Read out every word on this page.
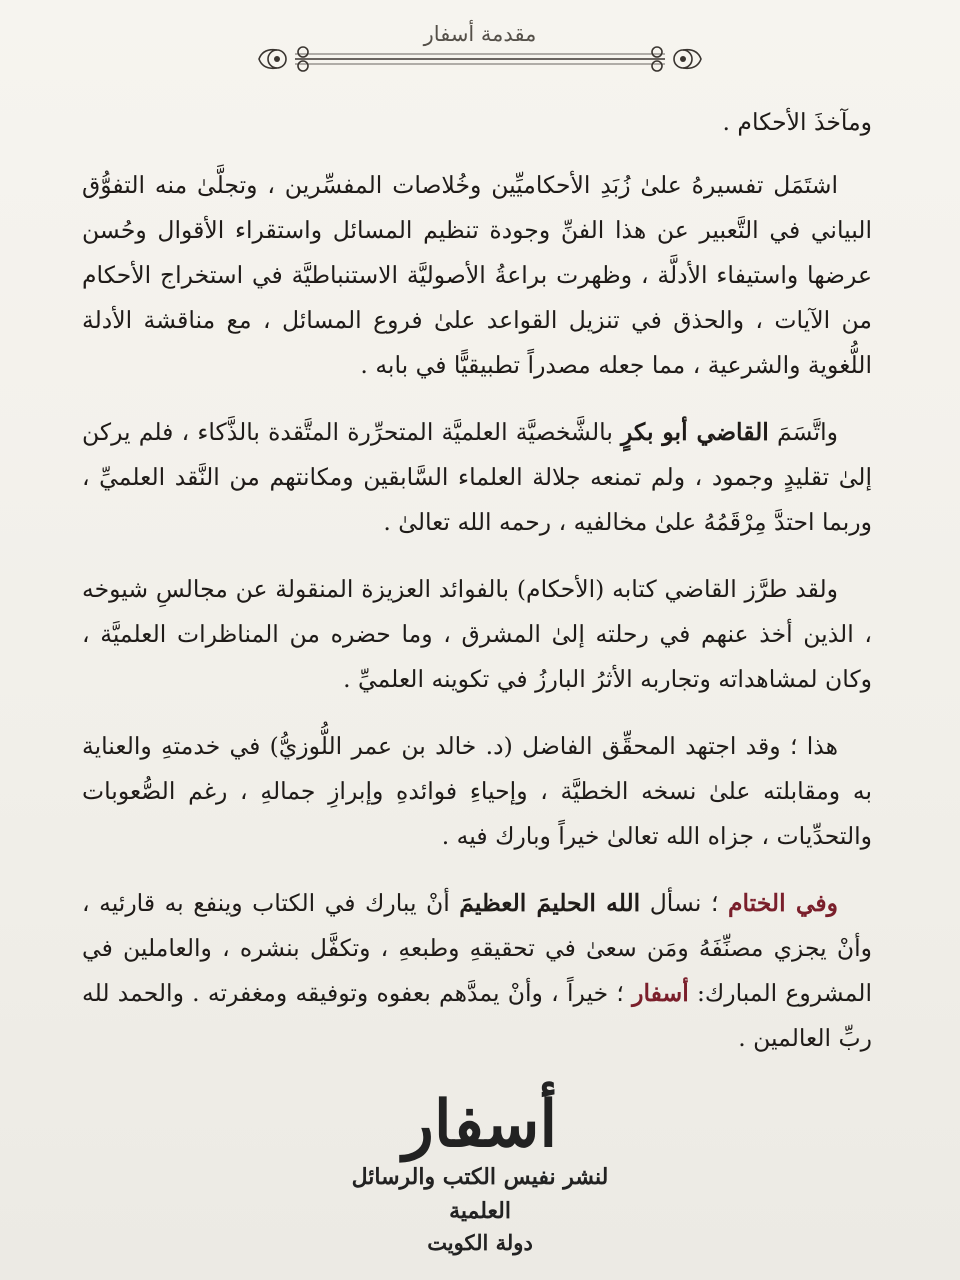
مقدمة أسفار

ومآخذَ الأحكام .

اشتَمَل تفسيرهُ علىٰ زُبَدِ الأحكاميِّين وخُلاصات المفسِّرين ، وتجلَّىٰ منه التفوُّق البياني في التَّعبير عن هذا الفنِّ وجودة تنظيم المسائل واستقراء الأقوال وحُسن عرضها واستيفاء الأدلَّة ، وظهرت براعةُ الأصوليَّة الاستنباطيَّة في استخراج الأحكام من الآيات ، والحذق في تنزيل القواعد علىٰ فروع المسائل ، مع مناقشة الأدلة اللُّغوية والشرعية ، مما جعله مصدراً تطبيقيًّا في بابه .

واتَّسَمَ القاضي أبو بكرٍ بالشَّخصيَّة العلميَّة المتحرِّرة المتَّقدة بالذَّكاء ، فلم يركن إلىٰ تقليدٍ وجمود ، ولم تمنعه جلالة العلماء السَّابقين ومكانتهم من النَّقد العلميِّ ، وربما احتدَّ مِرْقَمُهُ علىٰ مخالفيه ، رحمه الله تعالىٰ .

ولقد طرَّز القاضي كتابه (الأحكام) بالفوائد العزيزة المنقولة عن مجالسِ شيوخه ، الذين أخذ عنهم في رحلته إلىٰ المشرق ، وما حضره من المناظرات العلميَّة ، وكان لمشاهداته وتجاربه الأثرُ البارزُ في تكوينه العلميِّ .

هذا ؛ وقد اجتهد المحقِّق الفاضل (د. خالد بن عمر اللُّوزيُّ) في خدمتهِ والعناية به ومقابلته علىٰ نسخه الخطيَّة ، وإحياءِ فوائدهِ وإبرازِ جمالهِ ، رغم الصُّعوبات والتحدِّيات ، جزاه الله تعالىٰ خيراً وبارك فيه .

وفي الختام ؛ نسأل الله الحليمَ العظيمَ أنْ يبارك في الكتاب وينفع به قارئيه ، وأنْ يجزي مصنِّفَهُ ومَن سعىٰ في تحقيقهِ وطبعهِ ، وتكفَّل بنشره ، والعاملين في المشروع المبارك: أسفار ؛ خيراً ، وأنْ يمدَّهم بعفوه وتوفيقه ومغفرته . والحمد لله ربِّ العالمين .

أسفار
لنشر نفيس الكتب والرسائل العلمية
دولة الكويت
